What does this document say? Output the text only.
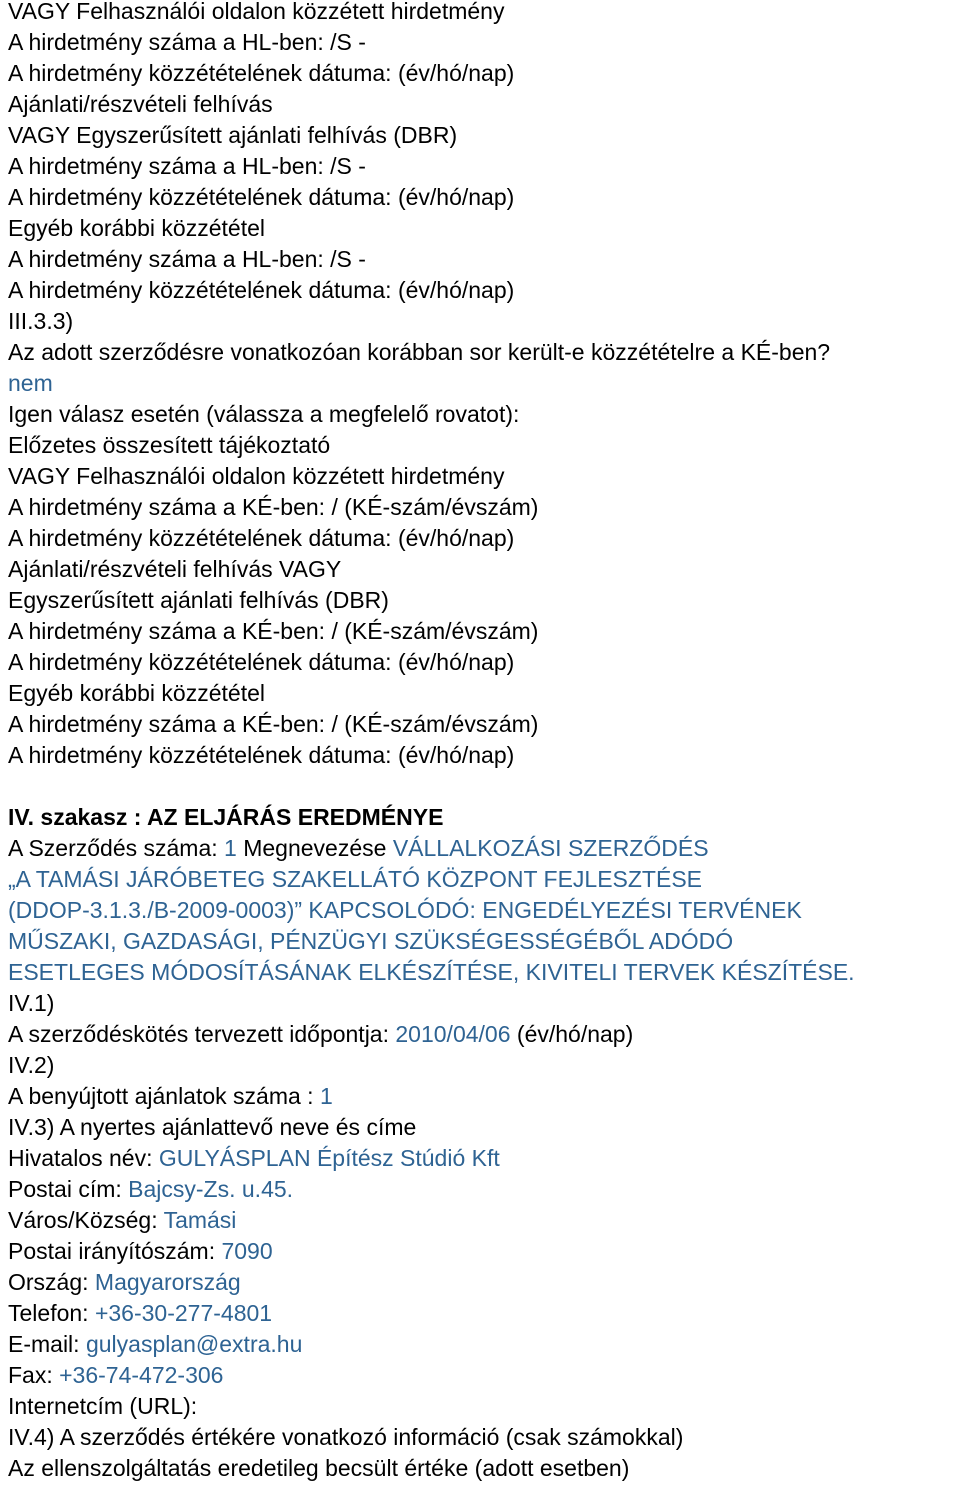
VAGY Felhasználói oldalon közzétett hirdetmény
A hirdetmény száma a HL-ben: /S -
A hirdetmény közzétételének dátuma: (év/hó/nap)
Ajánlati/részvételi felhívás
VAGY Egyszerűsített ajánlati felhívás (DBR)
A hirdetmény száma a HL-ben: /S -
A hirdetmény közzétételének dátuma: (év/hó/nap)
Egyéb korábbi közzététel
A hirdetmény száma a HL-ben: /S -
A hirdetmény közzétételének dátuma: (év/hó/nap)
III.3.3)
Az adott szerződésre vonatkozóan korábban sor került-e közzétételre a KÉ-ben?
nem
Igen válasz esetén (válassza a megfelelő rovatot):
Előzetes összesített tájékoztató
VAGY Felhasználói oldalon közzétett hirdetmény
A hirdetmény száma a KÉ-ben: / (KÉ-szám/évszám)
A hirdetmény közzétételének dátuma: (év/hó/nap)
Ajánlati/részvételi felhívás VAGY
Egyszerűsített ajánlati felhívás (DBR)
A hirdetmény száma a KÉ-ben: / (KÉ-szám/évszám)
A hirdetmény közzétételének dátuma: (év/hó/nap)
Egyéb korábbi közzététel
A hirdetmény száma a KÉ-ben: / (KÉ-szám/évszám)
A hirdetmény közzétételének dátuma: (év/hó/nap)
IV. szakasz : AZ ELJÁRÁS EREDMÉNYE
A Szerződés száma: 1 Megnevezése VÁLLALKOZÁSI SZERZŐDÉS
„A TAMÁSI JÁRÓBETEG SZAKELLÁTÓ KÖZPONT FEJLESZTÉSE
(DDOP-3.1.3./B-2009-0003)” KAPCSOLÓDÓ: ENGEDÉLYEZÉSI TERVÉNEK
MŰSZAKI, GAZDASÁGI, PÉNZÜGYI SZÜKSÉGESSÉGÉBŐL ADÓDÓ
ESETLEGES MÓDOSÍTÁSÁNAK ELKÉSZÍTÉSE, KIVITELI TERVEK KÉSZÍTÉSE.
IV.1)
A szerződéskötés tervezett időpontja: 2010/04/06 (év/hó/nap)
IV.2)
A benyújtott ajánlatok száma : 1
IV.3) A nyertes ajánlattevő neve és címe
Hivatalos név: GULYÁSPLAN Építész Stúdió Kft
Postai cím: Bajcsy-Zs. u.45.
Város/Község: Tamási
Postai irányítószám: 7090
Ország: Magyarország
Telefon: +36-30-277-4801
E-mail: gulyasplan@extra.hu
Fax: +36-74-472-306
Internetcím (URL):
IV.4) A szerződés értékére vonatkozó információ (csak számokkal)
Az ellenszolgáltatás eredetileg becsült értéke (adott esetben)
